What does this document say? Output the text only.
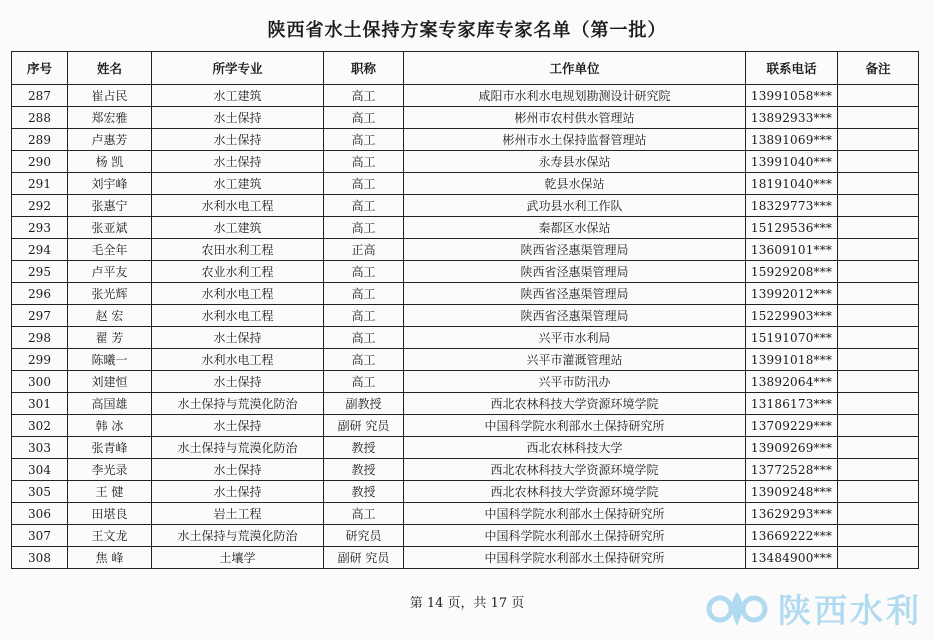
陕西省水土保持方案专家库专家名单（第一批）
序号	姓名	所学专业	职称	工作单位	联系电话	备注
287	崔占民	水工建筑	高工	咸阳市水利水电规划勘测设计研究院	13991058***	
288	郑宏雅	水土保持	高工	彬州市农村供水管理站	13892933***	
289	卢惠芳	水土保持	高工	彬州市水土保持监督管理站	13891069***	
290	杨 凯	水土保持	高工	永寿县水保站	13991040***	
291	刘宇峰	水工建筑	高工	乾县水保站	18191040***	
292	张惠宁	水利水电工程	高工	武功县水利工作队	18329773***	
293	张亚斌	水工建筑	高工	秦都区水保站	15129536***	
294	毛全年	农田水利工程	正高	陕西省泾惠渠管理局	13609101***	
295	卢平友	农业水利工程	高工	陕西省泾惠渠管理局	15929208***	
296	张光辉	水利水电工程	高工	陕西省泾惠渠管理局	13992012***	
297	赵 宏	水利水电工程	高工	陕西省泾惠渠管理局	15229903***	
298	翟 芳	水土保持	高工	兴平市水利局	15191070***	
299	陈曦一	水利水电工程	高工	兴平市灌溉管理站	13991018***	
300	刘建恒	水土保持	高工	兴平市防汛办	13892064***	
301	高国雄	水土保持与荒漠化防治	副教授	西北农林科技大学资源环境学院	13186173***	
302	韩 冰	水土保持	副研 究员	中国科学院水利部水土保持研究所	13709229***	
303	张青峰	水土保持与荒漠化防治	教授	西北农林科技大学	13909269***	
304	李光录	水土保持	教授	西北农林科技大学资源环境学院	13772528***	
305	王 健	水土保持	教授	西北农林科技大学资源环境学院	13909248***	
306	田堪良	岩土工程	高工	中国科学院水利部水土保持研究所	13629293***	
307	王文龙	水土保持与荒漠化防治	研究员	中国科学院水利部水土保持研究所	13669222***	
308	焦 峰	土壤学	副研 究员	中国科学院水利部水土保持研究所	13484900***	
第 14 页，共 17 页	陕西水利
